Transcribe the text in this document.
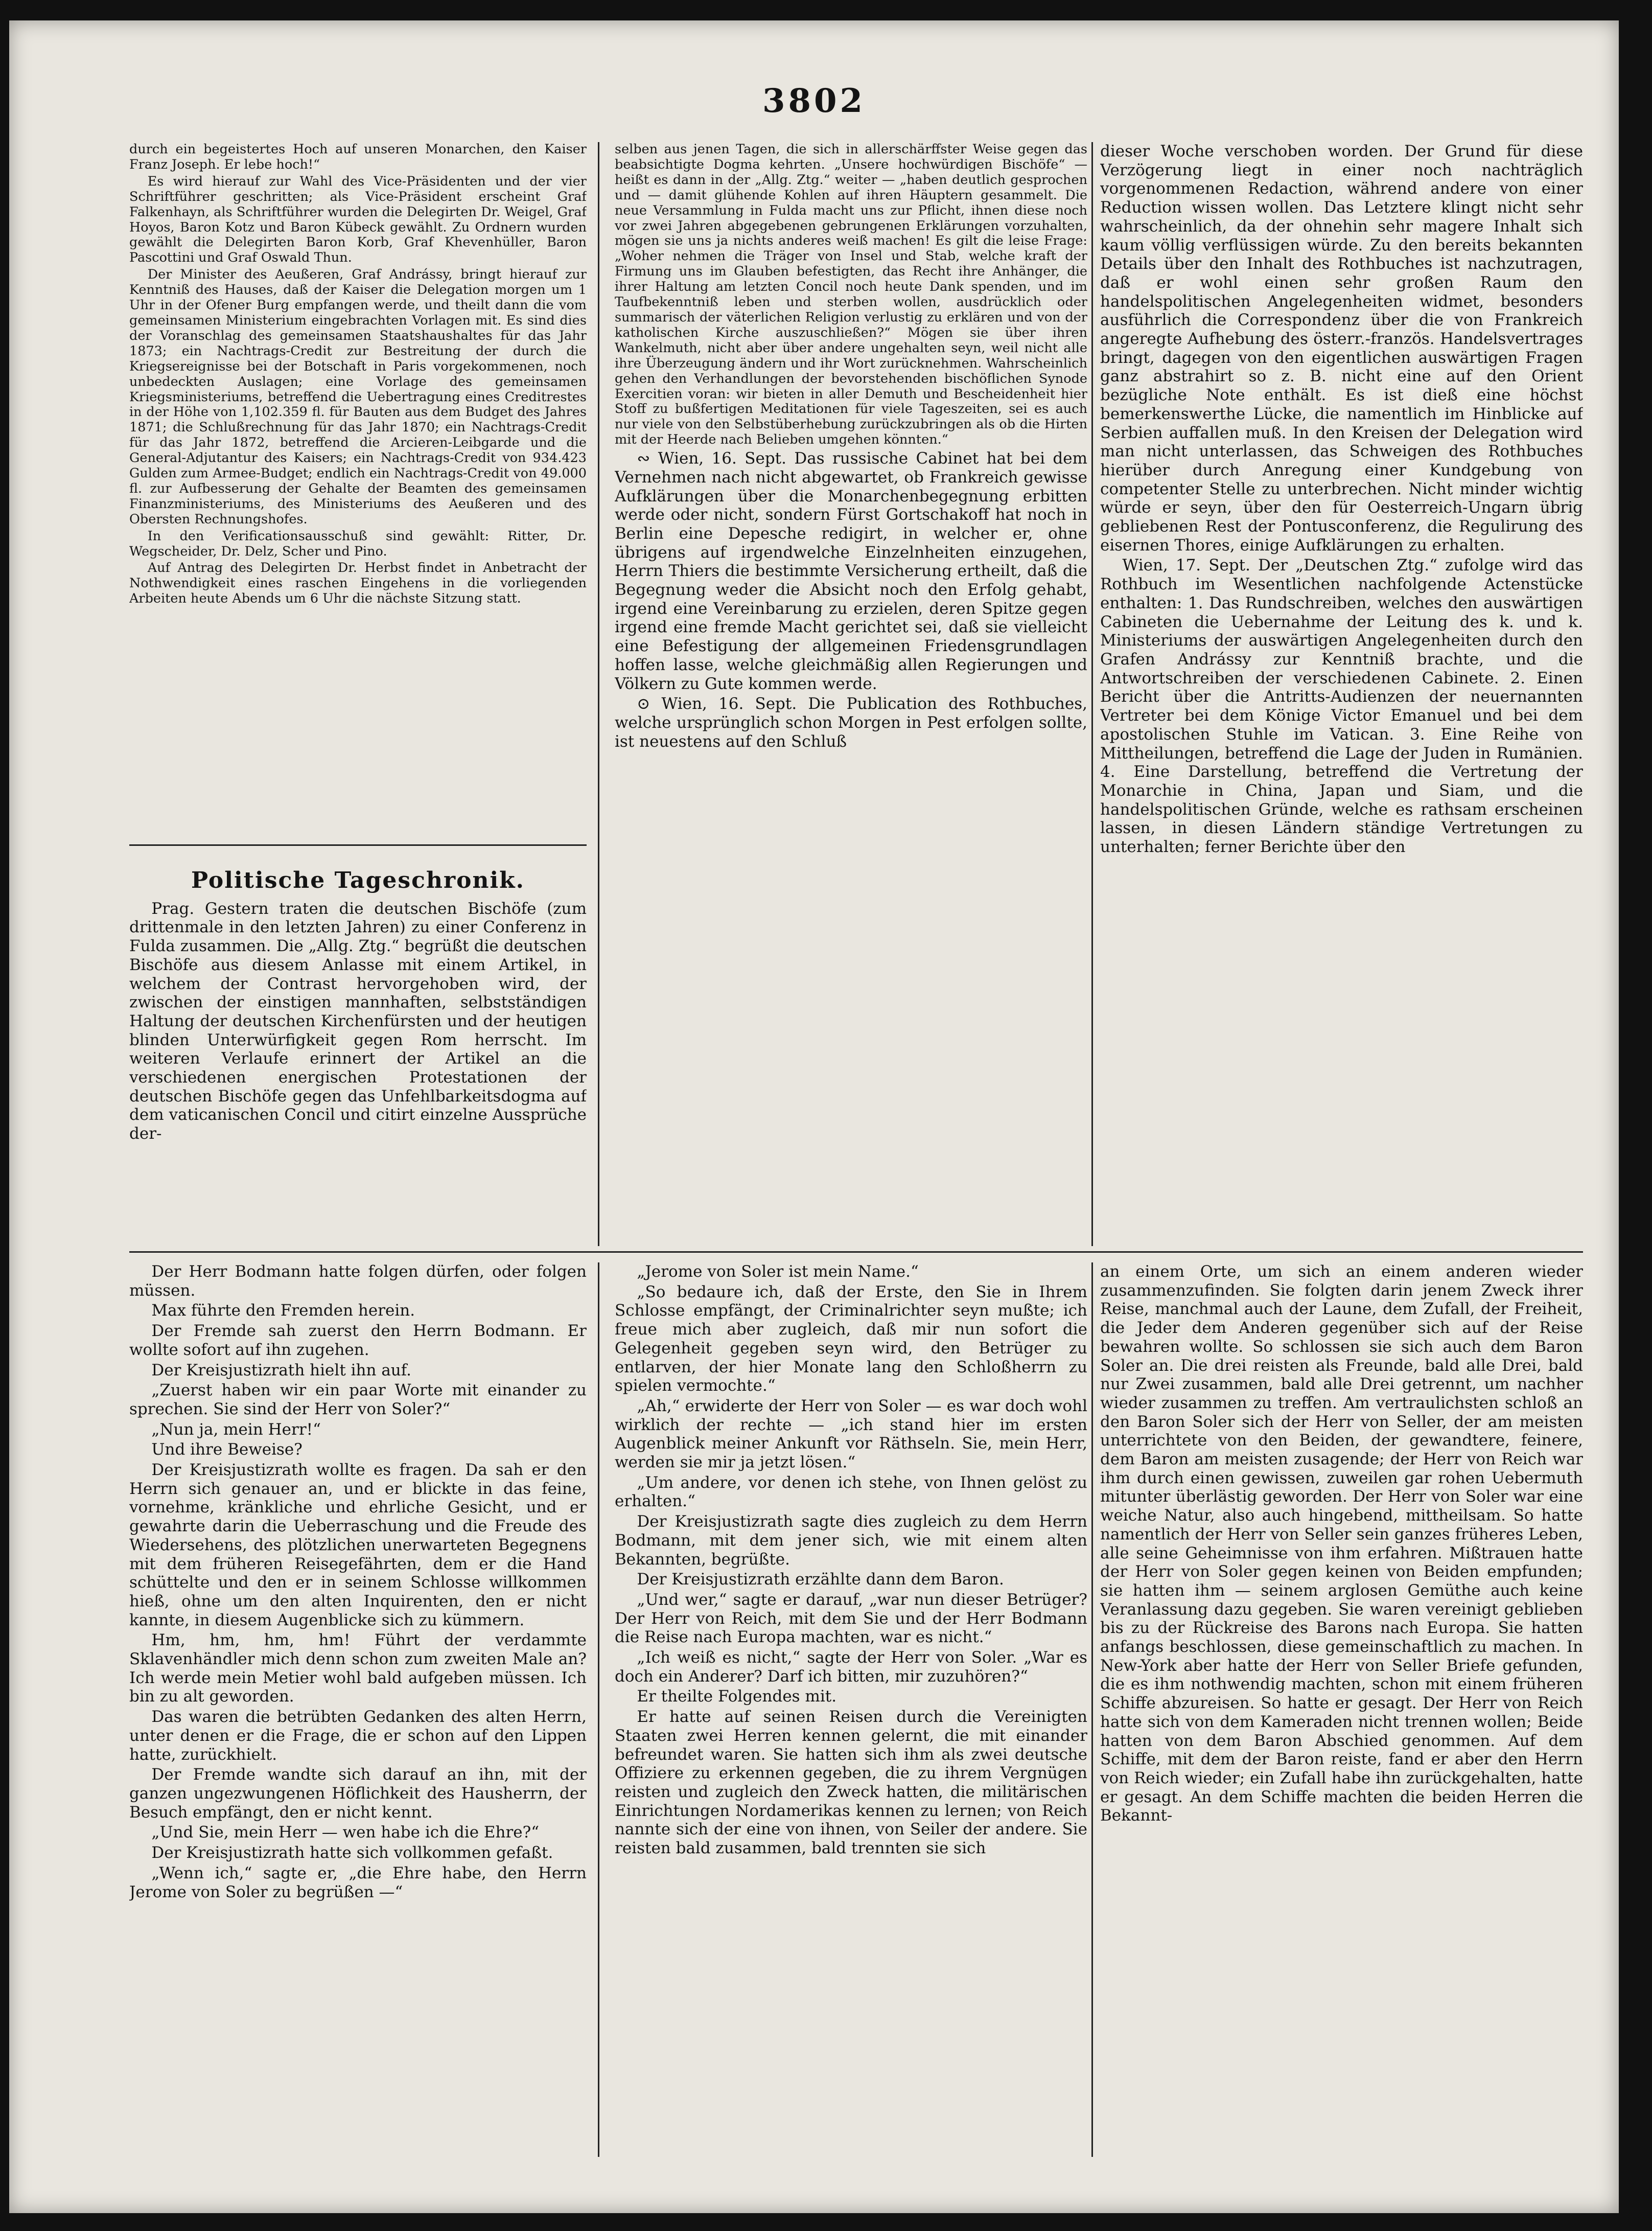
3802

durch ein begeistertes Hoch auf unseren Monarchen, den Kaiser Franz Joseph. Er lebe hoch!“

Es wird hierauf zur Wahl des Vice-Präsidenten und der vier Schriftführer geschritten; als Vice-Präsident erscheint Graf Falkenhayn, als Schriftführer wurden die Delegirten Dr. Weigel, Graf Hoyos, Baron Kotz und Baron Kübeck gewählt. Zu Ordnern wurden gewählt die Delegirten Baron Korb, Graf Khevenhüller, Baron Pascottini und Graf Oswald Thun.

Der Minister des Aeußeren, Graf Andrássy, bringt hierauf zur Kenntniß des Hauses, daß der Kaiser die Delegation morgen um 1 Uhr in der Ofener Burg empfangen werde, und theilt dann die vom gemeinsamen Ministerium eingebrachten Vorlagen mit. Es sind dies der Voranschlag des gemeinsamen Staatshaushaltes für das Jahr 1873; ein Nachtrags-Credit zur Bestreitung der durch die Kriegsereignisse bei der Botschaft in Paris vorgekommenen, noch unbedeckten Auslagen; eine Vorlage des gemeinsamen Kriegsministeriums, betreffend die Uebertragung eines Creditrestes in der Höhe von 1,102.359 fl. für Bauten aus dem Budget des Jahres 1871; die Schlußrechnung für das Jahr 1870; ein Nachtrags-Credit für das Jahr 1872, betreffend die Arcieren-Leibgarde und die General-Adjutantur des Kaisers; ein Nachtrags-Credit von 934.423 Gulden zum Armee-Budget; endlich ein Nachtrags-Credit von 49.000 fl. zur Aufbesserung der Gehalte der Beamten des gemeinsamen Finanzministeriums, des Ministeriums des Aeußeren und des Obersten Rechnungshofes.

In den Verificationsausschuß sind gewählt: Ritter, Dr. Wegscheider, Dr. Delz, Scher und Pino.

Auf Antrag des Delegirten Dr. Herbst findet in Anbetracht der Nothwendigkeit eines raschen Eingehens in die vorliegenden Arbeiten heute Abends um 6 Uhr die nächste Sitzung statt.

Politische Tageschronik.

Prag. Gestern traten die deutschen Bischöfe (zum drittenmale in den letzten Jahren) zu einer Conferenz in Fulda zusammen. Die „Allg. Ztg.“ begrüßt die deutschen Bischöfe aus diesem Anlasse mit einem Artikel, in welchem der Contrast hervorgehoben wird, der zwischen der einstigen mannhaften, selbstständigen Haltung der deutschen Kirchenfürsten und der heutigen blinden Unterwürfigkeit gegen Rom herrscht. Im weiteren Verlaufe erinnert der Artikel an die verschiedenen energischen Protestationen der deutschen Bischöfe gegen das Unfehlbarkeitsdogma auf dem vaticanischen Concil und citirt einzelne Aussprüche der-

selben aus jenen Tagen, die sich in allerschärffster Weise gegen das beabsichtigte Dogma kehrten. „Unsere hochwürdigen Bischöfe“ — heißt es dann in der „Allg. Ztg.“ weiter — „haben deutlich gesprochen und — damit glühende Kohlen auf ihren Häuptern gesammelt. Die neue Versammlung in Fulda macht uns zur Pflicht, ihnen diese noch vor zwei Jahren abgegebenen gebrungenen Erklärungen vorzuhalten, mögen sie uns ja nichts anderes weiß machen! Es gilt die leise Frage: „Woher nehmen die Träger von Insel und Stab, welche kraft der Firmung uns im Glauben befestigten, das Recht ihre Anhänger, die ihrer Haltung am letzten Concil noch heute Dank spenden, und im Taufbekenntniß leben und sterben wollen, ausdrücklich oder summarisch der väterlichen Religion verlustig zu erklären und von der katholischen Kirche auszuschließen?“ Mögen sie über ihren Wankelmuth, nicht aber über andere ungehalten seyn, weil nicht alle ihre Überzeugung ändern und ihr Wort zurücknehmen. Wahrscheinlich gehen den Verhandlungen der bevorstehenden bischöflichen Synode Exercitien voran: wir bieten in aller Demuth und Bescheidenheit hier Stoff zu bußfertigen Meditationen für viele Tageszeiten, sei es auch nur viele von den Selbstüberhebung zurückzubringen als ob die Hirten mit der Heerde nach Belieben umgehen könnten.“

∾ Wien, 16. Sept. Das russische Cabinet hat bei dem Vernehmen nach nicht abgewartet, ob Frankreich gewisse Aufklärungen über die Monarchenbegegnung erbitten werde oder nicht, sondern Fürst Gortschakoff hat noch in Berlin eine Depesche redigirt, in welcher er, ohne übrigens auf irgendwelche Einzelnheiten einzugehen, Herrn Thiers die bestimmte Versicherung ertheilt, daß die Begegnung weder die Absicht noch den Erfolg gehabt, irgend eine Vereinbarung zu erzielen, deren Spitze gegen irgend eine fremde Macht gerichtet sei, daß sie vielleicht eine Befestigung der allgemeinen Friedensgrundlagen hoffen lasse, welche gleichmäßig allen Regierungen und Völkern zu Gute kommen werde.

⊙ Wien, 16. Sept. Die Publication des Rothbuches, welche ursprünglich schon Morgen in Pest erfolgen sollte, ist neuestens auf den Schluß

dieser Woche verschoben worden. Der Grund für diese Verzögerung liegt in einer noch nachträglich vorgenommenen Redaction, während andere von einer Reduction wissen wollen. Das Letztere klingt nicht sehr wahrscheinlich, da der ohnehin sehr magere Inhalt sich kaum völlig verflüssigen würde. Zu den bereits bekannten Details über den Inhalt des Rothbuches ist nachzutragen, daß er wohl einen sehr großen Raum den handelspolitischen Angelegenheiten widmet, besonders ausführlich die Correspondenz über die von Frankreich angeregte Aufhebung des österr.-französ. Handelsvertrages bringt, dagegen von den eigentlichen auswärtigen Fragen ganz abstrahirt so z. B. nicht eine auf den Orient bezügliche Note enthält. Es ist dieß eine höchst bemerkenswerthe Lücke, die namentlich im Hinblicke auf Serbien auffallen muß. In den Kreisen der Delegation wird man nicht unterlassen, das Schweigen des Rothbuches hierüber durch Anregung einer Kundgebung von competenter Stelle zu unterbrechen. Nicht minder wichtig würde er seyn, über den für Oesterreich-Ungarn übrig gebliebenen Rest der Pontusconferenz, die Regulirung des eisernen Thores, einige Aufklärungen zu erhalten.

Wien, 17. Sept. Der „Deutschen Ztg.“ zufolge wird das Rothbuch im Wesentlichen nachfolgende Actenstücke enthalten: 1. Das Rundschreiben, welches den auswärtigen Cabineten die Uebernahme der Leitung des k. und k. Ministeriums der auswärtigen Angelegenheiten durch den Grafen Andrássy zur Kenntniß brachte, und die Antwortschreiben der verschiedenen Cabinete. 2. Einen Bericht über die Antritts-Audienzen der neuernannten Vertreter bei dem Könige Victor Emanuel und bei dem apostolischen Stuhle im Vatican. 3. Eine Reihe von Mittheilungen, betreffend die Lage der Juden in Rumänien. 4. Eine Darstellung, betreffend die Vertretung der Monarchie in China, Japan und Siam, und die handelspolitischen Gründe, welche es rathsam erscheinen lassen, in diesen Ländern ständige Vertretungen zu unterhalten; ferner Berichte über den

Der Herr Bodmann hatte folgen dürfen, oder folgen müssen.

Max führte den Fremden herein.

Der Fremde sah zuerst den Herrn Bodmann. Er wollte sofort auf ihn zugehen.

Der Kreisjustizrath hielt ihn auf.

„Zuerst haben wir ein paar Worte mit einander zu sprechen. Sie sind der Herr von Soler?“

„Nun ja, mein Herr!“

Und ihre Beweise?

Der Kreisjustizrath wollte es fragen. Da sah er den Herrn sich genauer an, und er blickte in das feine, vornehme, kränkliche und ehrliche Gesicht, und er gewahrte darin die Ueberraschung und die Freude des Wiedersehens, des plötzlichen unerwarteten Begegnens mit dem früheren Reisegefährten, dem er die Hand schüttelte und den er in seinem Schlosse willkommen hieß, ohne um den alten Inquirenten, den er nicht kannte, in diesem Augenblicke sich zu kümmern.

Hm, hm, hm, hm! Führt der verdammte Sklavenhändler mich denn schon zum zweiten Male an? Ich werde mein Metier wohl bald aufgeben müssen. Ich bin zu alt geworden.

Das waren die betrübten Gedanken des alten Herrn, unter denen er die Frage, die er schon auf den Lippen hatte, zurückhielt.

Der Fremde wandte sich darauf an ihn, mit der ganzen ungezwungenen Höflichkeit des Hausherrn, der Besuch empfängt, den er nicht kennt.

„Und Sie, mein Herr — wen habe ich die Ehre?“

Der Kreisjustizrath hatte sich vollkommen gefaßt.

„Wenn ich,“ sagte er, „die Ehre habe, den Herrn Jerome von Soler zu begrüßen —“

„Jerome von Soler ist mein Name.“

„So bedaure ich, daß der Erste, den Sie in Ihrem Schlosse empfängt, der Criminalrichter seyn mußte; ich freue mich aber zugleich, daß mir nun sofort die Gelegenheit gegeben seyn wird, den Betrüger zu entlarven, der hier Monate lang den Schloßherrn zu spielen vermochte.“

„Ah,“ erwiderte der Herr von Soler — es war doch wohl wirklich der rechte — „ich stand hier im ersten Augenblick meiner Ankunft vor Räthseln. Sie, mein Herr, werden sie mir ja jetzt lösen.“

„Um andere, vor denen ich stehe, von Ihnen gelöst zu erhalten.“

Der Kreisjustizrath sagte dies zugleich zu dem Herrn Bodmann, mit dem jener sich, wie mit einem alten Bekannten, begrüßte.

Der Kreisjustizrath erzählte dann dem Baron.

„Und wer,“ sagte er darauf, „war nun dieser Betrüger? Der Herr von Reich, mit dem Sie und der Herr Bodmann die Reise nach Europa machten, war es nicht.“

„Ich weiß es nicht,“ sagte der Herr von Soler. „War es doch ein Anderer? Darf ich bitten, mir zuzuhören?“

Er theilte Folgendes mit.

Er hatte auf seinen Reisen durch die Vereinigten Staaten zwei Herren kennen gelernt, die mit einander befreundet waren. Sie hatten sich ihm als zwei deutsche Offiziere zu erkennen gegeben, die zu ihrem Vergnügen reisten und zugleich den Zweck hatten, die militärischen Einrichtungen Nordamerikas kennen zu lernen; von Reich nannte sich der eine von ihnen, von Seiler der andere. Sie reisten bald zusammen, bald trennten sie sich

an einem Orte, um sich an einem anderen wieder zusammenzufinden. Sie folgten darin jenem Zweck ihrer Reise, manchmal auch der Laune, dem Zufall, der Freiheit, die Jeder dem Anderen gegenüber sich auf der Reise bewahren wollte. So schlossen sie sich auch dem Baron Soler an. Die drei reisten als Freunde, bald alle Drei, bald nur Zwei zusammen, bald alle Drei getrennt, um nachher wieder zusammen zu treffen. Am vertraulichsten schloß an den Baron Soler sich der Herr von Seller, der am meisten unterrichtete von den Beiden, der gewandtere, feinere, dem Baron am meisten zusagende; der Herr von Reich war ihm durch einen gewissen, zuweilen gar rohen Uebermuth mitunter überlästig geworden. Der Herr von Soler war eine weiche Natur, also auch hingebend, mittheilsam. So hatte namentlich der Herr von Seller sein ganzes früheres Leben, alle seine Geheimnisse von ihm erfahren. Mißtrauen hatte der Herr von Soler gegen keinen von Beiden empfunden; sie hatten ihm — seinem arglosen Gemüthe auch keine Veranlassung dazu gegeben. Sie waren vereinigt geblieben bis zu der Rückreise des Barons nach Europa. Sie hatten anfangs beschlossen, diese gemeinschaftlich zu machen. In New-York aber hatte der Herr von Seller Briefe gefunden, die es ihm nothwendig machten, schon mit einem früheren Schiffe abzureisen. So hatte er gesagt. Der Herr von Reich hatte sich von dem Kameraden nicht trennen wollen; Beide hatten von dem Baron Abschied genommen. Auf dem Schiffe, mit dem der Baron reiste, fand er aber den Herrn von Reich wieder; ein Zufall habe ihn zurückgehalten, hatte er gesagt. An dem Schiffe machten die beiden Herren die Bekannt-
